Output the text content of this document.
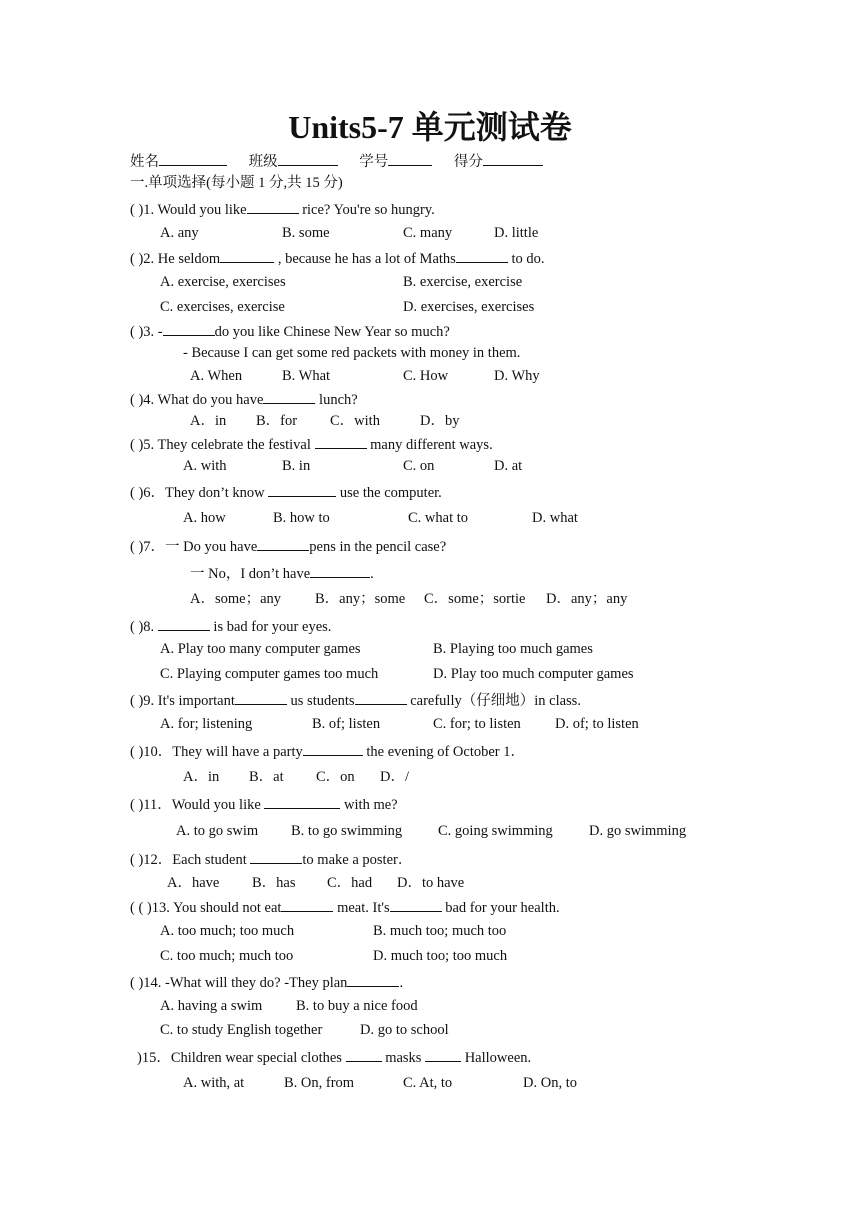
Units5-7 单元测试卷
姓名	班级	学号	得分
一.单项选择(每小题 1 分,共 15 分)
( )1. Would you like	rice? You're so hungry.
A. any	B. some	C. many	D. little
( )2. He seldom	, because he has a lot of Maths	to do.
A. exercise, exercises	B. exercise, exercise
C. exercises, exercise	D. exercises, exercises
( )3. -	do you like Chinese New Year so much?
- Because I can get some red packets with money in them.
A. When	B. What	C. How	D. Why
( )4. What do you have	lunch?
A．in B．for C．with	D．by
( )5. They celebrate the festival	many different ways.
A. with	B. in	C. on	D. at
( )6．They don’t know	use the computer.
A. how	B. how to	C. what to	D. what
( )7．一 Do you have	pens in the pencil case?
一 No，I don’t have	.
A．some；any B．any；some C．some；sortie D．any；any
( )8.	is bad for your eyes.
A. Play too many computer games	B. Playing too much games
C. Playing computer games too much	D. Play too much computer games
( )9. It's important	us students	carefully（仔细地）in class.
A. for; listening	B. of; listen	C. for; to listen D. of; to listen
( )10．They will have a party	the evening of October 1．
A．in B．at C．on D．/
( )11．Would you like	with me?
A. to go swim B. to go swimming C. going swimming D. go swimming
( )12．Each student	to make a poster．
A．have B．has C．had D．to have
( ( )13. You should not eat	meat. It's	bad for your health.
A. too much; too much	B. much too; much too
C. too much; much too	D. much too; too much
( )14. -What will they do? -They plan	.
A. having a swim B. to buy a nice food
C. to study English together	D. go to school
)15．Children wear special clothes  masks  Halloween.
A. with, at	B. On, from	C. At, to	D. On, to
